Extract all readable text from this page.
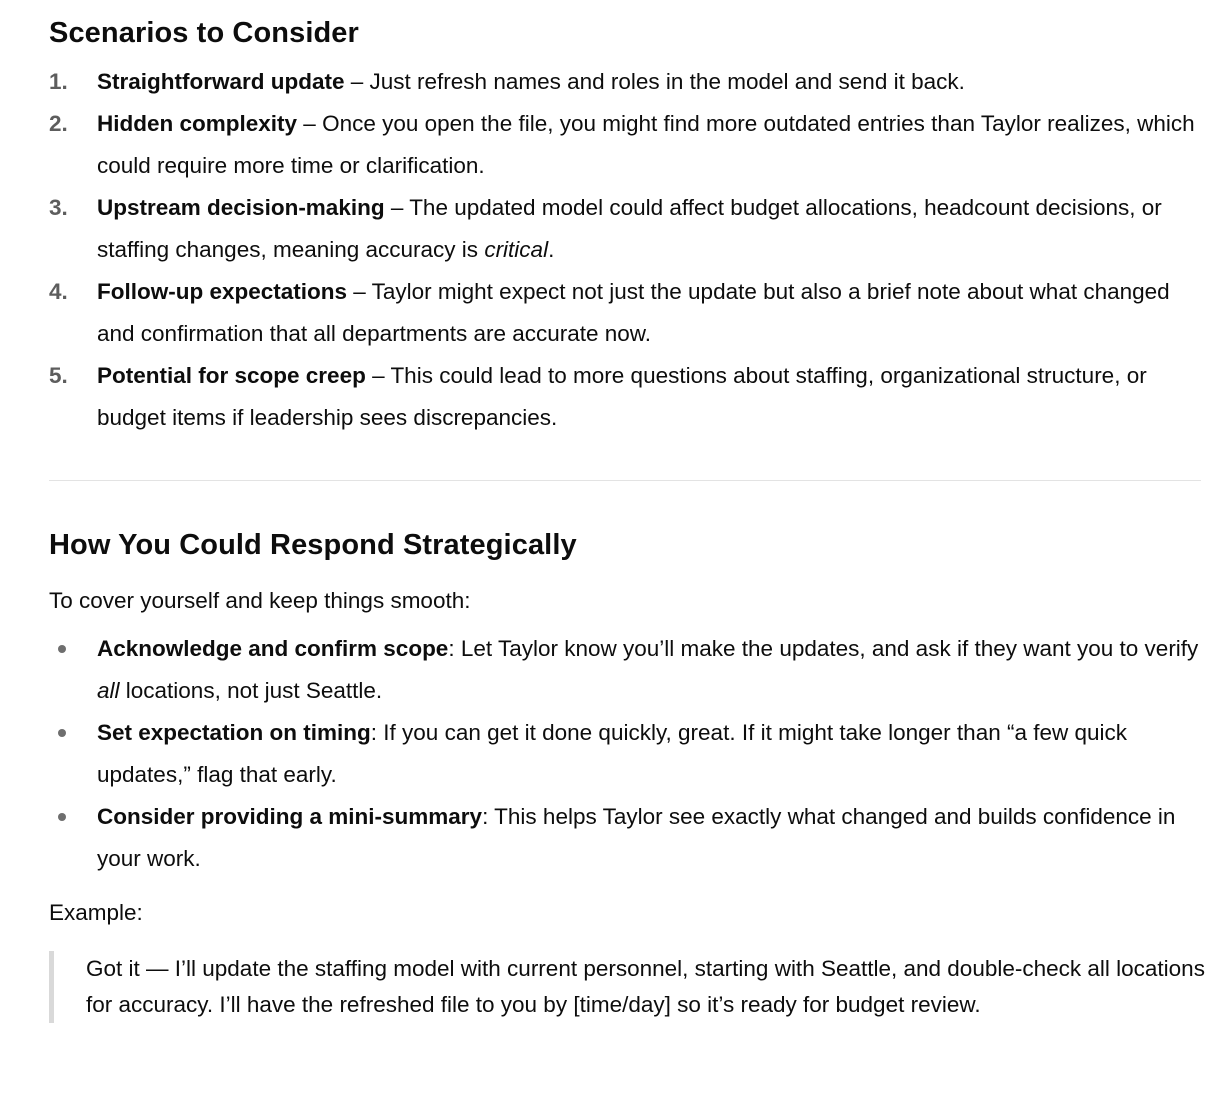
Scenarios to Consider
1. Straightforward update – Just refresh names and roles in the model and send it back.
2. Hidden complexity – Once you open the file, you might find more outdated entries than Taylor realizes, which could require more time or clarification.
3. Upstream decision-making – The updated model could affect budget allocations, headcount decisions, or staffing changes, meaning accuracy is critical.
4. Follow-up expectations – Taylor might expect not just the update but also a brief note about what changed and confirmation that all departments are accurate now.
5. Potential for scope creep – This could lead to more questions about staffing, organizational structure, or budget items if leadership sees discrepancies.
How You Could Respond Strategically
To cover yourself and keep things smooth:
Acknowledge and confirm scope: Let Taylor know you’ll make the updates, and ask if they want you to verify all locations, not just Seattle.
Set expectation on timing: If you can get it done quickly, great. If it might take longer than “a few quick updates,” flag that early.
Consider providing a mini-summary: This helps Taylor see exactly what changed and builds confidence in your work.
Example:
Got it — I’ll update the staffing model with current personnel, starting with Seattle, and double-check all locations for accuracy. I’ll have the refreshed file to you by [time/day] so it’s ready for budget review.
